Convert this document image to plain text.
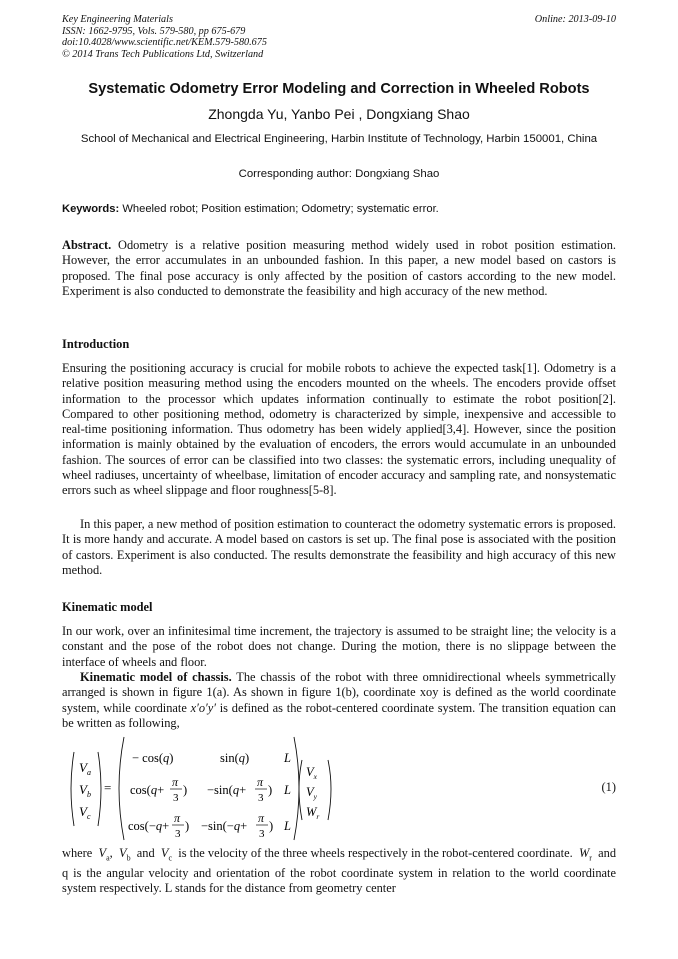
Key Engineering Materials
ISSN: 1662-9795, Vols. 579-580, pp 675-679
doi:10.4028/www.scientific.net/KEM.579-580.675
© 2014 Trans Tech Publications Ltd, Switzerland
Online: 2013-09-10
Systematic Odometry Error Modeling and Correction in Wheeled Robots
Zhongda Yu, Yanbo Pei , Dongxiang Shao
School of Mechanical and Electrical Engineering, Harbin Institute of Technology, Harbin 150001, China
Corresponding author: Dongxiang Shao
Keywords: Wheeled robot; Position estimation; Odometry; systematic error.
Abstract. Odometry is a relative position measuring method widely used in robot position estimation. However, the error accumulates in an unbounded fashion. In this paper, a new model based on castors is proposed. The final pose accuracy is only affected by the position of castors according to the new model. Experiment is also conducted to demonstrate the feasibility and high accuracy of the new method.
Introduction
Ensuring the positioning accuracy is crucial for mobile robots to achieve the expected task[1]. Odometry is a relative position measuring method using the encoders mounted on the wheels. The encoders provide offset information to the processor which updates information continually to estimate the robot position[2]. Compared to other positioning method, odometry is characterized by simple, inexpensive and accessible to real-time positioning information. Thus odometry has been widely applied[3,4]. However, since the position information is mainly obtained by the evaluation of encoders, the errors would accumulate in an unbounded fashion. The sources of error can be classified into two classes: the systematic errors, including unequality of wheel radiuses, uncertainty of wheelbase, limitation of encoder accuracy and sampling rate, and nonsystematic errors such as wheel slippage and floor roughness[5-8].
In this paper, a new method of position estimation to counteract the odometry systematic errors is proposed. It is more handy and accurate. A model based on castors is set up. The final pose is associated with the position of castors. Experiment is also conducted. The results demonstrate the feasibility and high accuracy of this new method.
Kinematic model
In our work, over an infinitesimal time increment, the trajectory is assumed to be straight line; the velocity is a constant and the pose of the robot does not change. During the motion, there is no slippage between the interface of wheels and floor.
Kinematic model of chassis. The chassis of the robot with three omnidirectional wheels symmetrically arranged is shown in figure 1(a). As shown in figure 1(b), coordinate xoy is defined as the world coordinate system, while coordinate x′o′y′ is defined as the robot-centered coordinate system. The transition equation can be written as following,
$V_a$
$V_b$
$V_c$
=
− cos(q)	sin(q)	L
cos(q+
π
3
) −sin(q+
π
3
) L
cos(−q+
π
3
) −sin(−q+
π
3
) L
$V_x$
$V_y$
$W_r$
(1)
where $V_a$,  $V_b$  and  $V_c$ is the velocity of the three wheels respectively in the robot-centered coordinate. $W_r$ and q is the angular velocity and orientation of the robot coordinate system in relation to the world coordinate system respectively. L stands for the distance from geometry center
